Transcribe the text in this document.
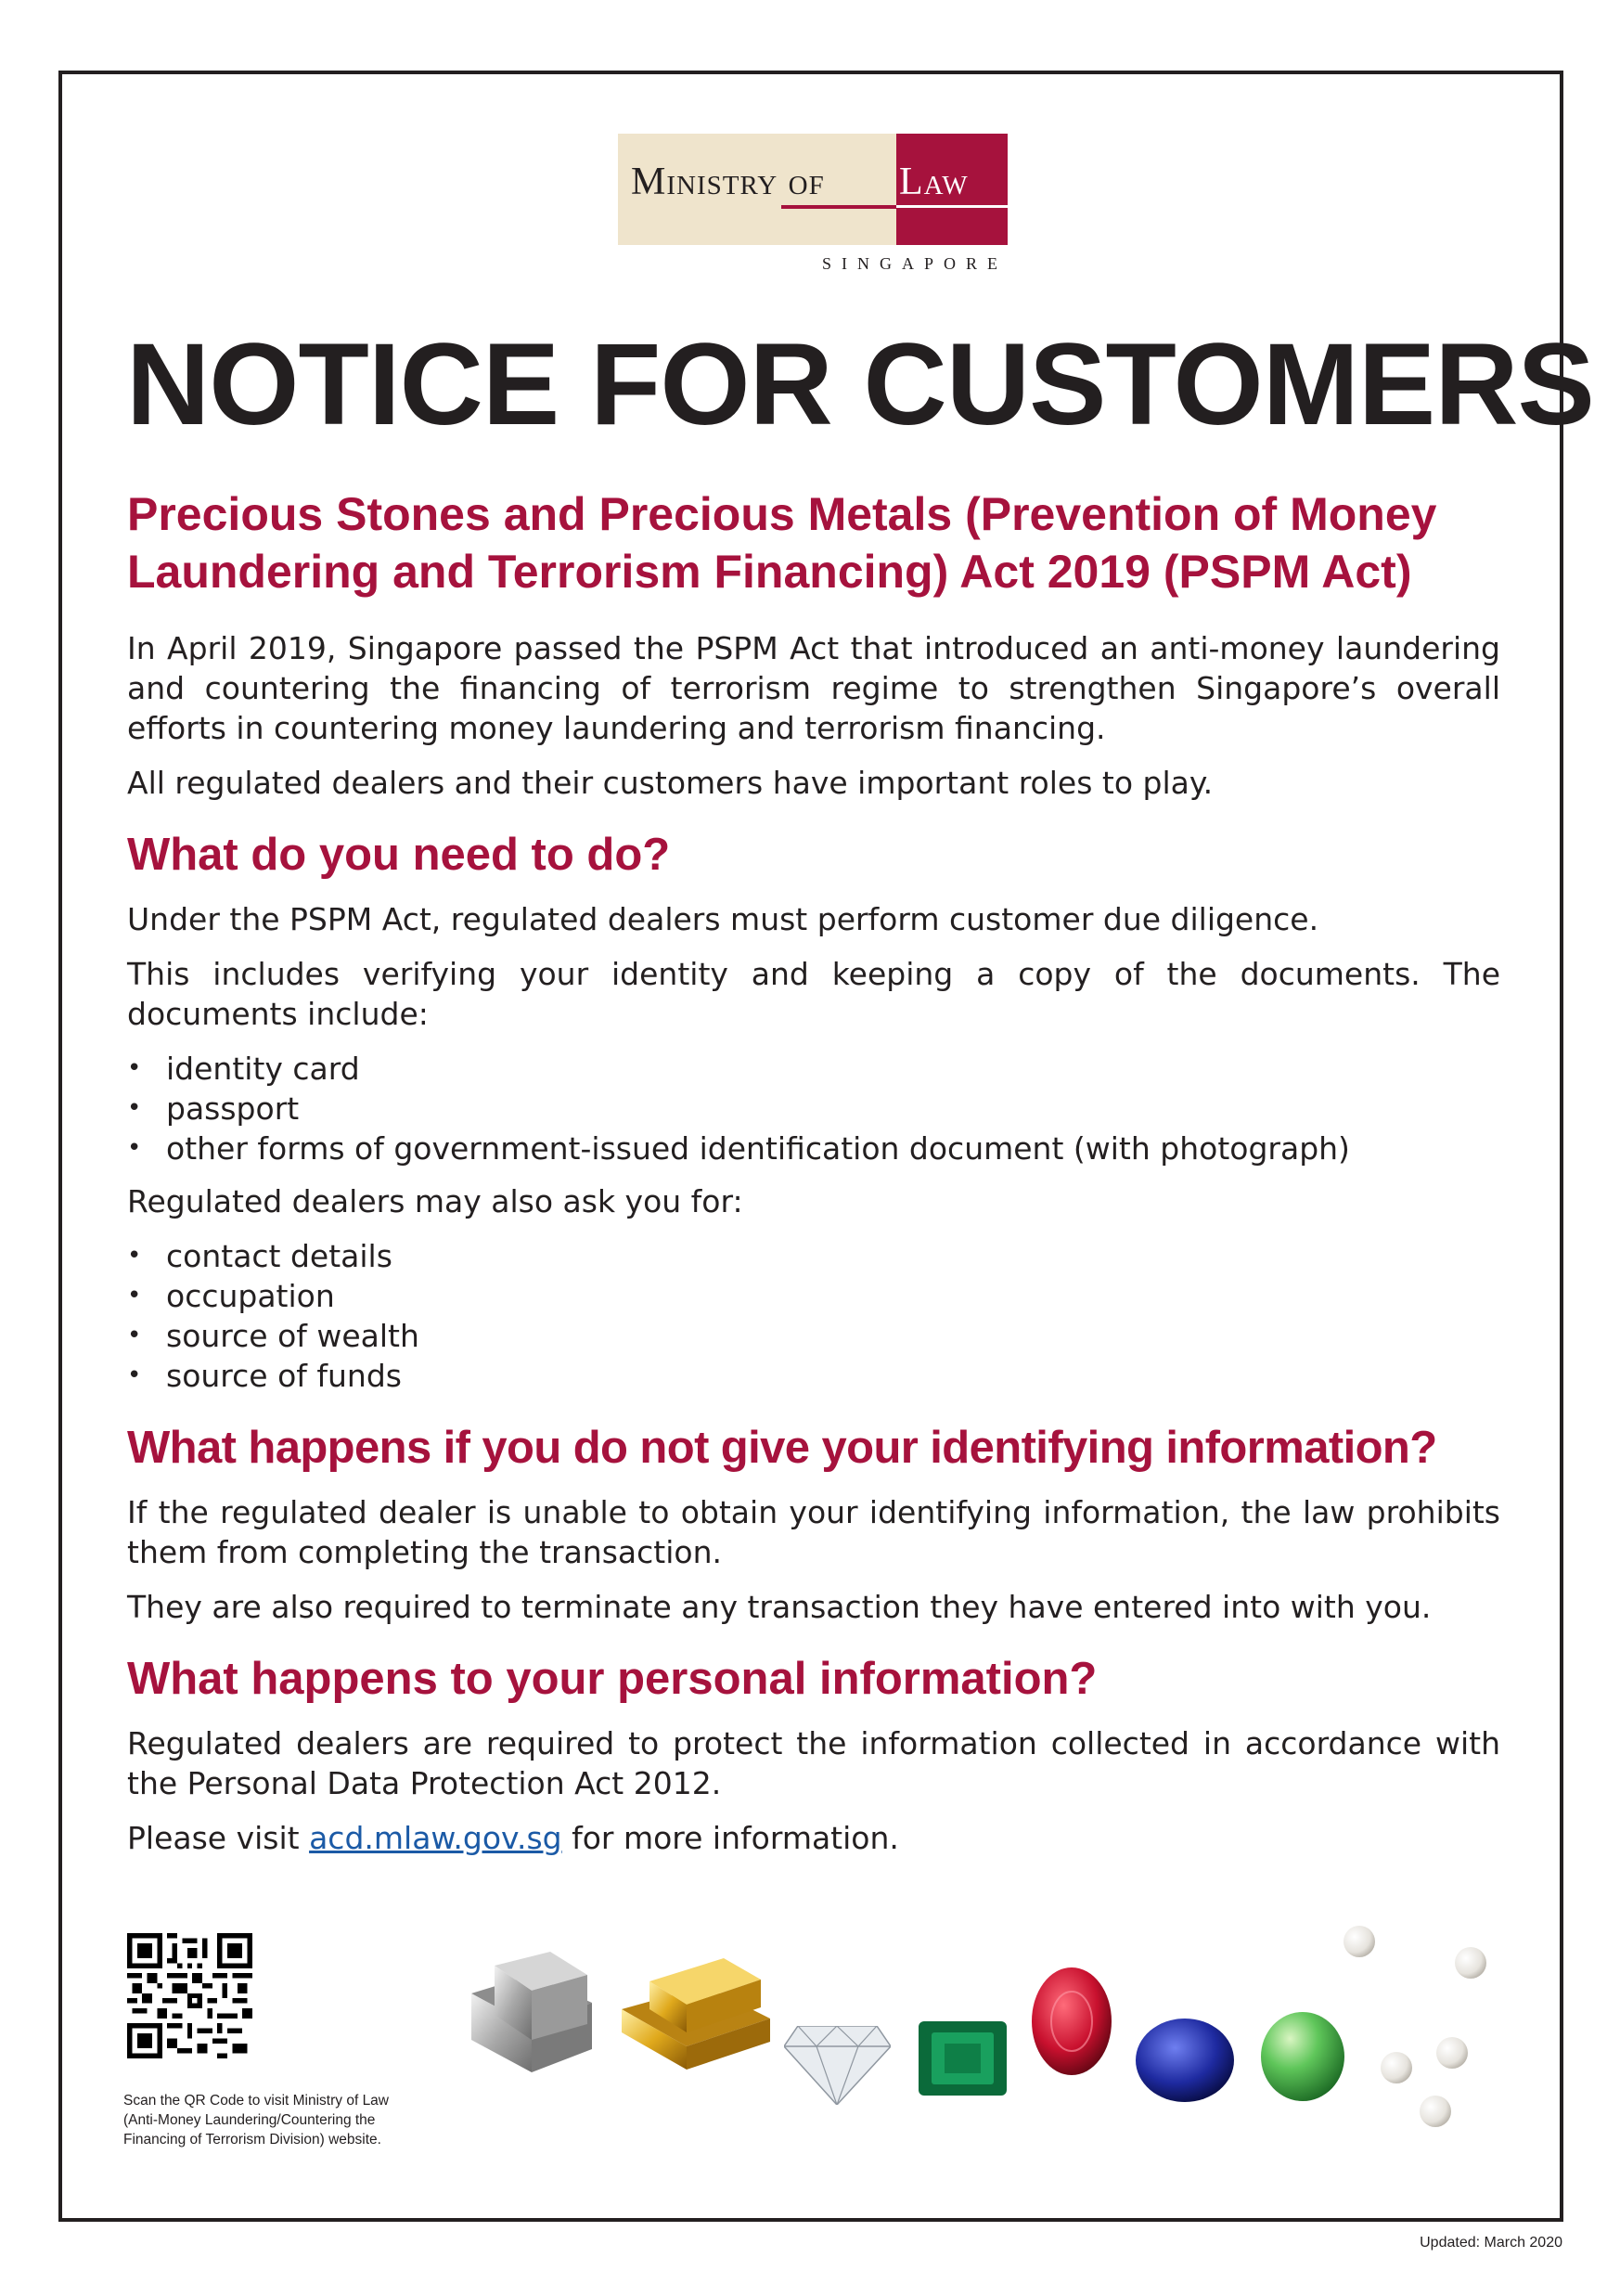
Ministry of Law
SINGAPORE
NOTICE FOR CUSTOMERS
Precious Stones and Precious Metals (Prevention of Money Laundering and Terrorism Financing) Act 2019 (PSPM Act)

In April 2019, Singapore passed the PSPM Act that introduced an anti-money laundering and countering the financing of terrorism regime to strengthen Singapore’s overall efforts in countering money laundering and terrorism financing.

All regulated dealers and their customers have important roles to play.

What do you need to do?

Under the PSPM Act, regulated dealers must perform customer due diligence.

This includes verifying your identity and keeping a copy of the documents. The documents include:

• identity card
• passport
• other forms of government-issued identification document (with photograph)

Regulated dealers may also ask you for:

• contact details
• occupation
• source of wealth
• source of funds
What happens if you do not give your identifying information?

If the regulated dealer is unable to obtain your identifying information, the law prohibits them from completing the transaction.

They are also required to terminate any transaction they have entered into with you.

What happens to your personal information?

Regulated dealers are required to protect the information collected in accordance with the Personal Data Protection Act 2012.

Please visit acd.mlaw.gov.sg for more information.

Scan the QR Code to visit Ministry of Law (Anti-Money Laundering/Countering the Financing of Terrorism Division) website.
Updated: March 2020
